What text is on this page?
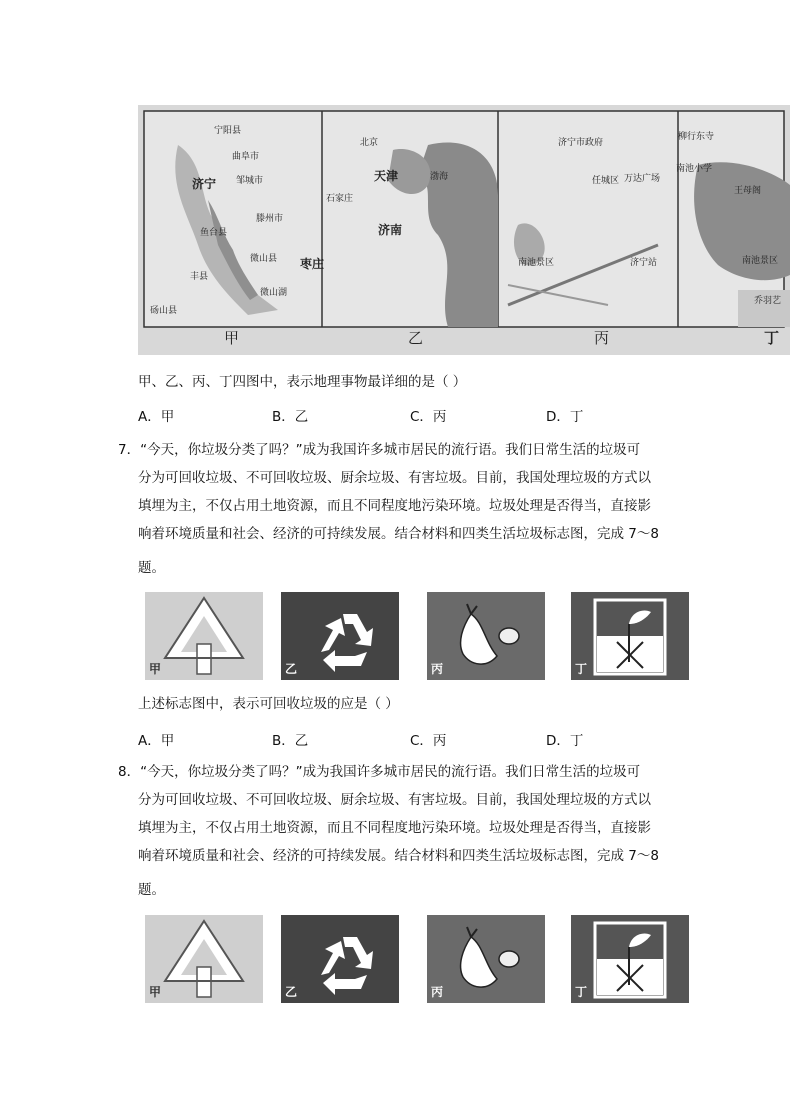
宁阳县
曲阜市
济宁 邹城市
滕州市
鱼台县
微山县 枣庄
丰县
微山湖
砀山县
北京
天津	渤海
石家庄
济南
济宁市政府
任城区 万达广场
南池景区	济宁站
柳行东寺
南池小学
王母阁
南池景区
乔羽艺
甲	乙	丙	丁
甲、乙、丙、丁四图中，表示地理事物最详细的是（ ）
A．甲	B．乙	C．丙	D．丁
7．“今天，你垃圾分类了吗？”成为我国许多城市居民的流行语。我们日常生活的垃圾可
分为可回收垃圾、不可回收垃圾、厨余垃圾、有害垃圾。目前，我国处理垃圾的方式以
填埋为主，不仅占用土地资源，而且不同程度地污染环境。垃圾处理是否得当，直接影
响着环境质量和社会、经济的可持续发展。结合材料和四类生活垃圾标志图，完成 7～8
题。
甲	乙	丙	丁
上述标志图中，表示可回收垃圾的应是（ ）
A．甲	B．乙	C．丙	D．丁
8．“今天，你垃圾分类了吗？”成为我国许多城市居民的流行语。我们日常生活的垃圾可
分为可回收垃圾、不可回收垃圾、厨余垃圾、有害垃圾。目前，我国处理垃圾的方式以
填埋为主，不仅占用土地资源，而且不同程度地污染环境。垃圾处理是否得当，直接影
响着环境质量和社会、经济的可持续发展。结合材料和四类生活垃圾标志图，完成 7～8
题。
甲	乙	丙	丁
